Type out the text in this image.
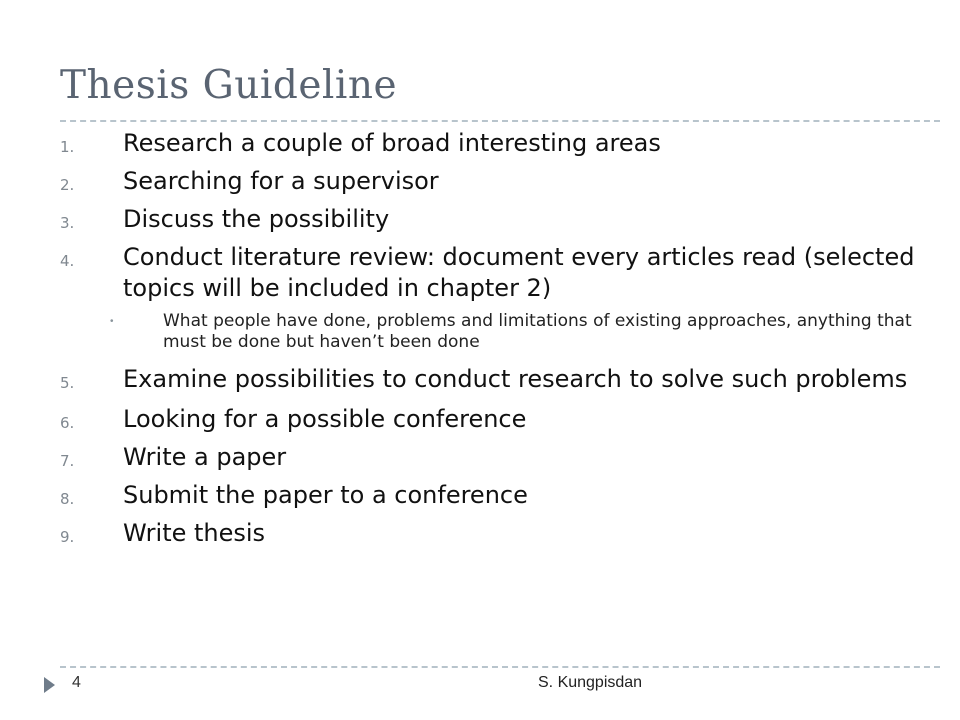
Thesis Guideline
1.	Research a couple of broad interesting areas
2.	Searching for a supervisor
3.	Discuss the possibility
4.	Conduct literature review: document every articles read (selected topics will be included in chapter 2)
•	What people have done, problems and limitations of existing approaches, anything that must be done but haven’t been done
5.	Examine possibilities to conduct research to solve such problems
6.	Looking for a possible conference
7.	Write a paper
8.	Submit the paper to a conference
9.	Write thesis
4	S. Kungpisdan
